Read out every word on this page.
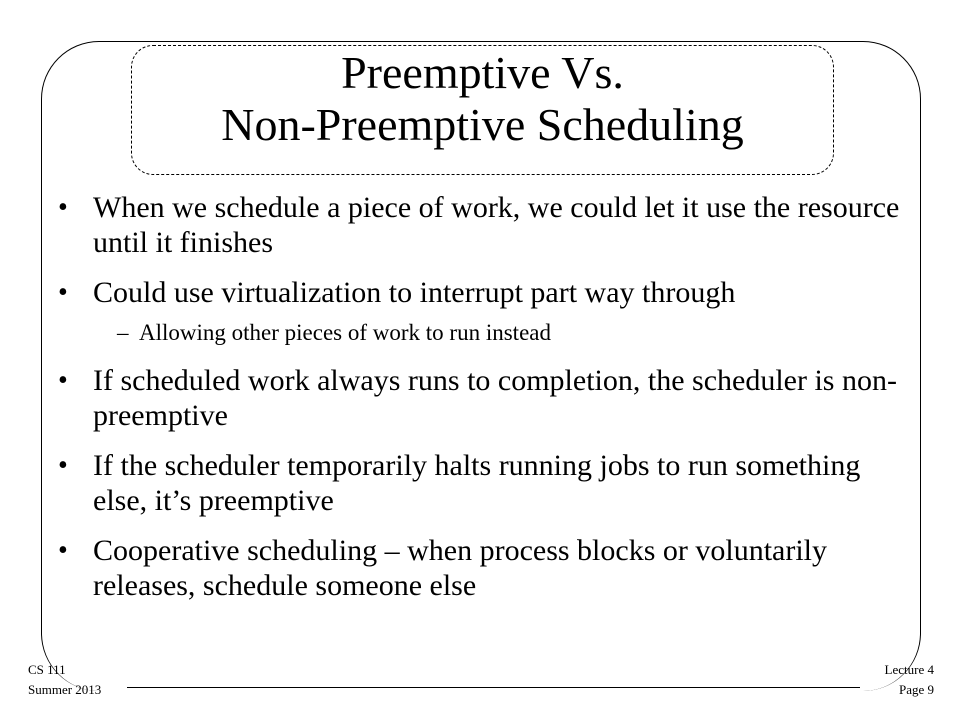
Preemptive Vs.
Non-Preemptive Scheduling
• When we schedule a piece of work, we could let it use the resource until it finishes
• Could use virtualization to interrupt part way through
– Allowing other pieces of work to run instead
• If scheduled work always runs to completion, the scheduler is non-preemptive
• If the scheduler temporarily halts running jobs to run something else, it’s preemptive
• Cooperative scheduling – when process blocks or voluntarily releases, schedule someone else
CS 111
Summer 2013
Lecture 4
Page 9
